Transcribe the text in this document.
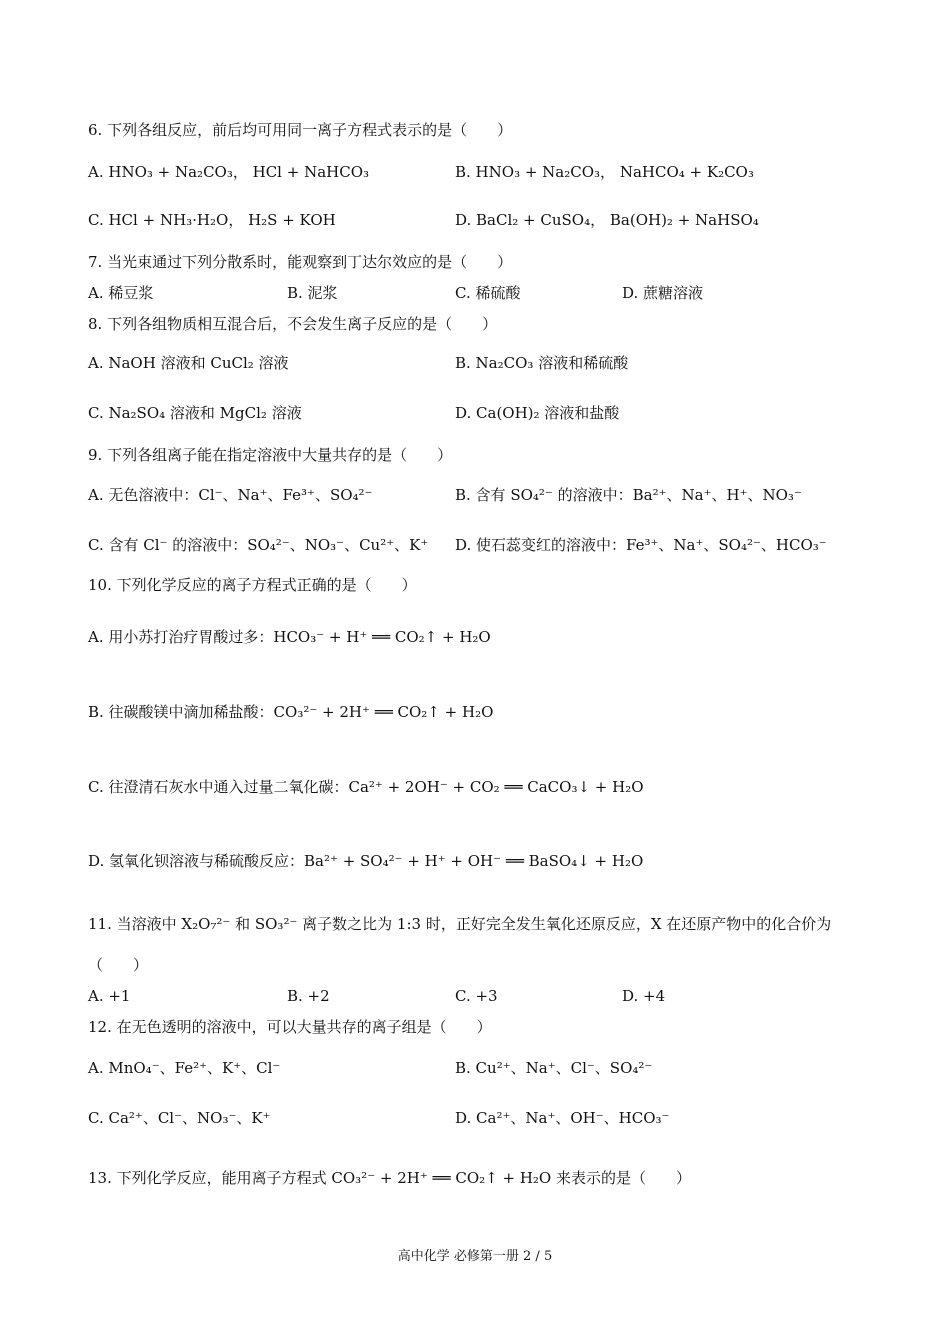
6. 下列各组反应，前后均可用同一离子方程式表示的是（　　）
A. HNO₃ + Na₂CO₃， HCl + NaHCO₃	B. HNO₃ + Na₂CO₃， NaHCO₄ + K₂CO₃
C. HCl + NH₃·H₂O， H₂S + KOH	D. BaCl₂ + CuSO₄， Ba(OH)₂ + NaHSO₄
7. 当光束通过下列分散系时，能观察到丁达尔效应的是（　　）
A. 稀豆浆	B. 泥浆	C. 稀硫酸	D. 蔗糖溶液
8. 下列各组物质相互混合后，不会发生离子反应的是（　　）
A. NaOH 溶液和 CuCl₂ 溶液	B. Na₂CO₃ 溶液和稀硫酸
C. Na₂SO₄ 溶液和 MgCl₂ 溶液	D. Ca(OH)₂ 溶液和盐酸
9. 下列各组离子能在指定溶液中大量共存的是（　　）
A. 无色溶液中：Cl⁻、Na⁺、Fe³⁺、SO₄²⁻	B. 含有 SO₄²⁻ 的溶液中：Ba²⁺、Na⁺、H⁺、NO₃⁻
C. 含有 Cl⁻ 的溶液中：SO₄²⁻、NO₃⁻、Cu²⁺、K⁺ D. 使石蕊变红的溶液中：Fe³⁺、Na⁺、SO₄²⁻、HCO₃⁻
10. 下列化学反应的离子方程式正确的是（　　）
A. 用小苏打治疗胃酸过多：HCO₃⁻ + H⁺ ══ CO₂↑ + H₂O
B. 往碳酸镁中滴加稀盐酸：CO₃²⁻ + 2H⁺ ══ CO₂↑ + H₂O
C. 往澄清石灰水中通入过量二氧化碳：Ca²⁺ + 2OH⁻ + CO₂ ══ CaCO₃↓ + H₂O
D. 氢氧化钡溶液与稀硫酸反应：Ba²⁺ + SO₄²⁻ + H⁺ + OH⁻ ══ BaSO₄↓ + H₂O
11. 当溶液中 X₂O₇²⁻ 和 SO₃²⁻ 离子数之比为 1:3 时，正好完全发生氧化还原反应，X 在还原产物中的化合价为
（　　）
A. +1	B. +2	C. +3	D. +4
12. 在无色透明的溶液中，可以大量共存的离子组是（　　）
A. MnO₄⁻、Fe²⁺、K⁺、Cl⁻	B. Cu²⁺、Na⁺、Cl⁻、SO₄²⁻
C. Ca²⁺、Cl⁻、NO₃⁻、K⁺	D. Ca²⁺、Na⁺、OH⁻、HCO₃⁻
13. 下列化学反应，能用离子方程式 CO₃²⁻ + 2H⁺ ══ CO₂↑ + H₂O 来表示的是（　　）
高中化学 必修第一册 2 / 5
